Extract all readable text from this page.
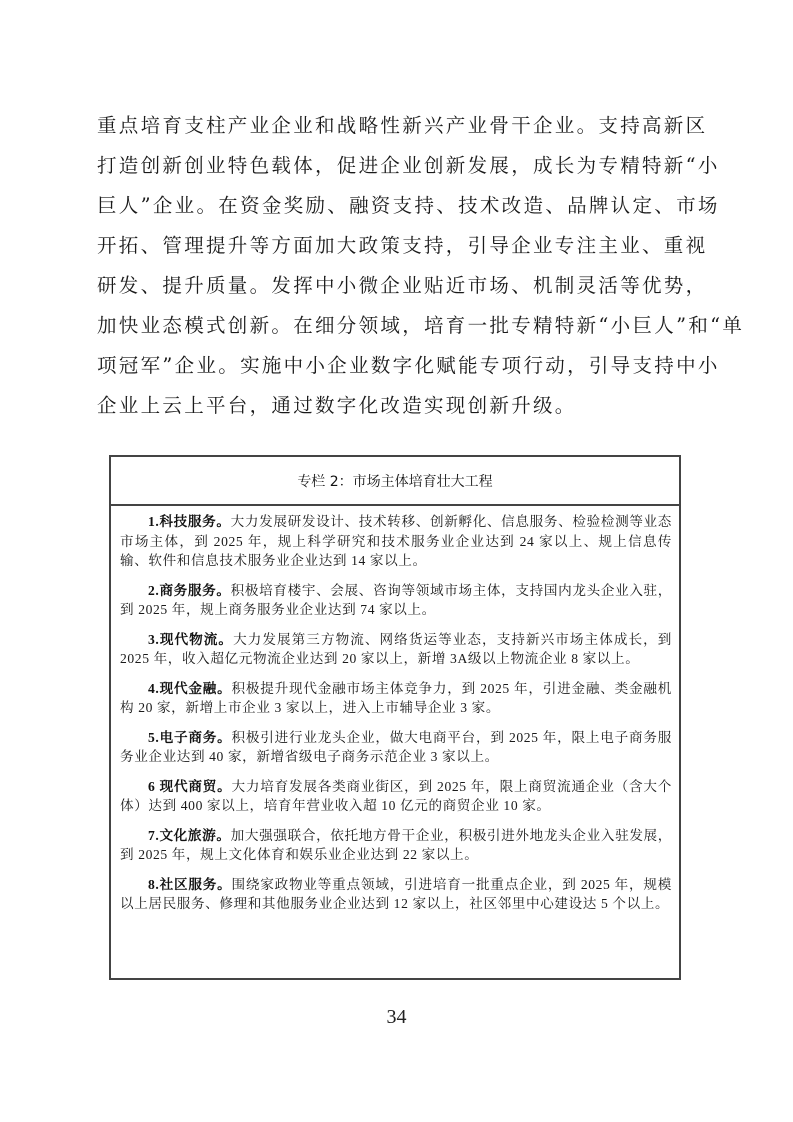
重点培育支柱产业企业和战略性新兴产业骨干企业。支持高新区
打造创新创业特色载体，促进企业创新发展，成长为专精特新“小
巨人”企业。在资金奖励、融资支持、技术改造、品牌认定、市场
开拓、管理提升等方面加大政策支持，引导企业专注主业、重视
研发、提升质量。发挥中小微企业贴近市场、机制灵活等优势，
加快业态模式创新。在细分领域，培育一批专精特新“小巨人”和“单
项冠军”企业。实施中小企业数字化赋能专项行动，引导支持中小
企业上云上平台，通过数字化改造实现创新升级。
专栏 2：市场主体培育壮大工程

1.科技服务。大力发展研发设计、技术转移、创新孵化、信息服务、检验检测等业态市场主体，到 2025 年，规上科学研究和技术服务业企业达到 24 家以上、规上信息传输、软件和信息技术服务业企业达到 14 家以上。

2.商务服务。积极培育楼宇、会展、咨询等领域市场主体，支持国内龙头企业入驻，到 2025 年，规上商务服务业企业达到 74 家以上。

3.现代物流。大力发展第三方物流、网络货运等业态，支持新兴市场主体成长，到 2025 年，收入超亿元物流企业达到 20 家以上，新增 3A级以上物流企业 8 家以上。

4.现代金融。积极提升现代金融市场主体竞争力，到 2025 年，引进金融、类金融机构 20 家，新增上市企业 3 家以上，进入上市辅导企业 3 家。

5.电子商务。积极引进行业龙头企业，做大电商平台，到 2025 年，限上电子商务服务业企业达到 40 家，新增省级电子商务示范企业 3 家以上。

6 现代商贸。大力培育发展各类商业街区，到 2025 年，限上商贸流通企业（含大个体）达到 400 家以上，培育年营业收入超 10 亿元的商贸企业 10 家。

7.文化旅游。加大强强联合，依托地方骨干企业，积极引进外地龙头企业入驻发展，到 2025 年，规上文化体育和娱乐业企业达到 22 家以上。

8.社区服务。围绕家政物业等重点领域，引进培育一批重点企业，到 2025 年，规模以上居民服务、修理和其他服务业企业达到 12 家以上，社区邻里中心建设达 5 个以上。

34
